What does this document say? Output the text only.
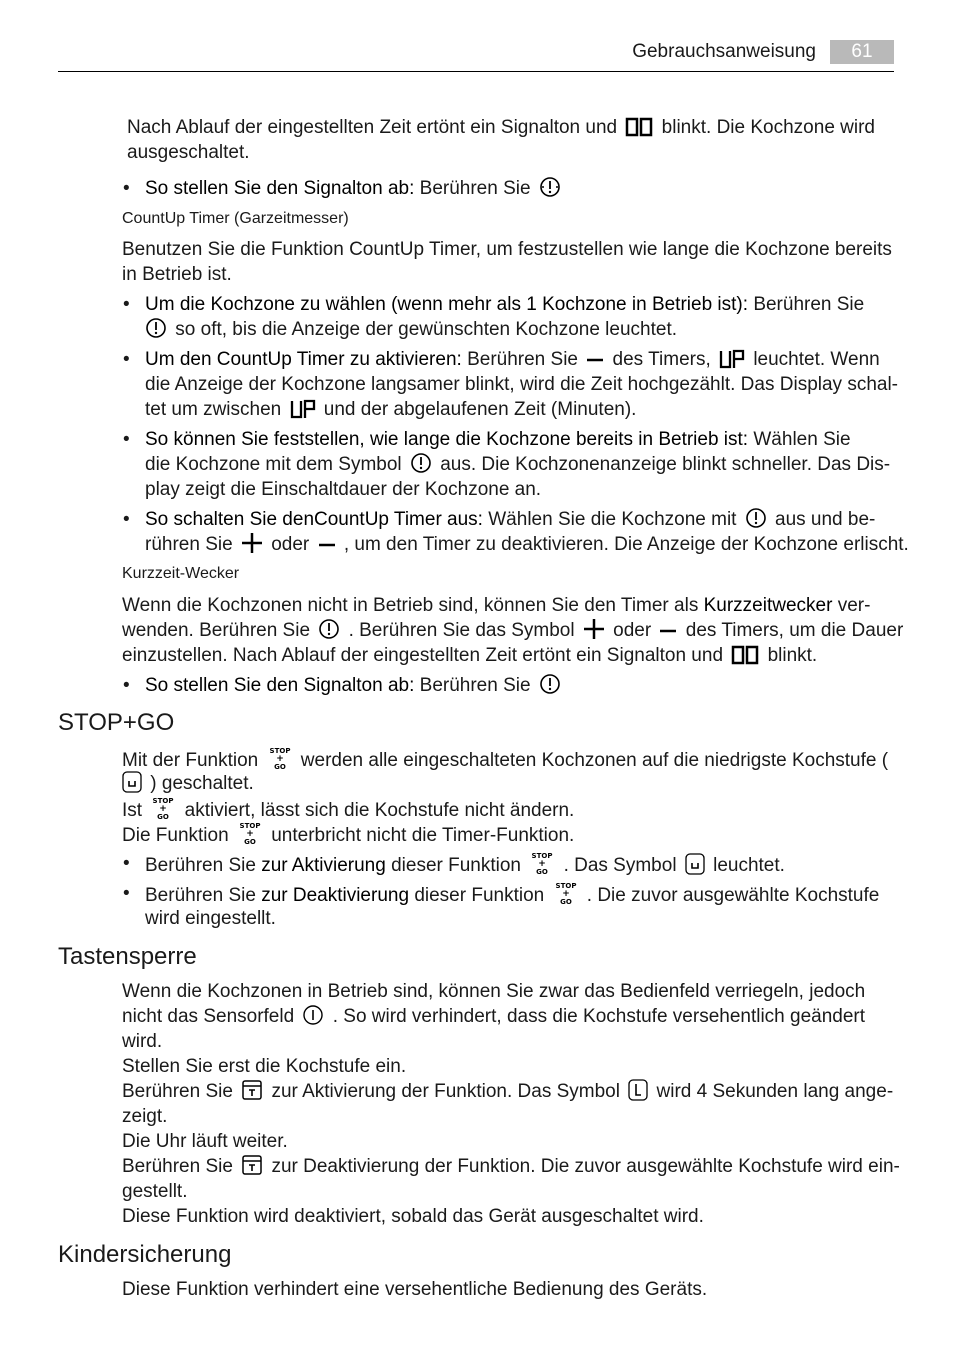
Gebrauchsanweisung	61
Nach Ablauf der eingestellten Zeit ertönt ein Signalton und blinkt. Die Kochzone wird
ausgeschaltet.
• So stellen Sie den Signalton ab: Berühren Sie
CountUp Timer (Garzeitmesser)
Benutzen Sie die Funktion CountUp Timer, um festzustellen wie lange die Kochzone bereits
in Betrieb ist.
• Um die Kochzone zu wählen (wenn mehr als 1 Kochzone in Betrieb ist): Berühren Sie
so oft, bis die Anzeige der gewünschten Kochzone leuchtet.
• Um den CountUp Timer zu aktivieren: Berühren Sie des Timers, leuchtet. Wenn
die Anzeige der Kochzone langsamer blinkt, wird die Zeit hochgezählt. Das Display schal-
tet um zwischen und der abgelaufenen Zeit (Minuten).
• So können Sie feststellen, wie lange die Kochzone bereits in Betrieb ist: Wählen Sie
die Kochzone mit dem Symbol aus. Die Kochzonenanzeige blinkt schneller. Das Dis-
play zeigt die Einschaltdauer der Kochzone an.
• So schalten Sie denCountUp Timer aus: Wählen Sie die Kochzone mit aus und be-
rühren Sie oder , um den Timer zu deaktivieren. Die Anzeige der Kochzone erlischt.
Kurzzeit-Wecker
Wenn die Kochzonen nicht in Betrieb sind, können Sie den Timer als Kurzzeitwecker ver-
wenden. Berühren Sie . Berühren Sie das Symbol oder des Timers, um die Dauer
einzustellen. Nach Ablauf der eingestellten Zeit ertönt ein Signalton und blinkt.
• So stellen Sie den Signalton ab: Berühren Sie
STOP+GO
Mit der Funktion STOP
+
GO werden alle eingeschalteten Kochzonen auf die niedrigste Kochstufe (
) geschaltet.
Ist STOP
+
GO aktiviert, lässt sich die Kochstufe nicht ändern.
Die Funktion STOP
+
GO unterbricht nicht die Timer-Funktion.
• Berühren Sie zur Aktivierung dieser Funktion STOP
+
GO . Das Symbol leuchtet.
• Berühren Sie zur Deaktivierung dieser Funktion STOP
+
GO . Die zuvor ausgewählte Kochstufe
wird eingestellt.
Tastensperre
Wenn die Kochzonen in Betrieb sind, können Sie zwar das Bedienfeld verriegeln, jedoch
nicht das Sensorfeld . So wird verhindert, dass die Kochstufe versehentlich geändert
wird.
Stellen Sie erst die Kochstufe ein.
Berühren Sie zur Aktivierung der Funktion. Das Symbol wird 4 Sekunden lang ange-
zeigt.
Die Uhr läuft weiter.
Berühren Sie zur Deaktivierung der Funktion. Die zuvor ausgewählte Kochstufe wird ein-
gestellt.
Diese Funktion wird deaktiviert, sobald das Gerät ausgeschaltet wird.
Kindersicherung
Diese Funktion verhindert eine versehentliche Bedienung des Geräts.
